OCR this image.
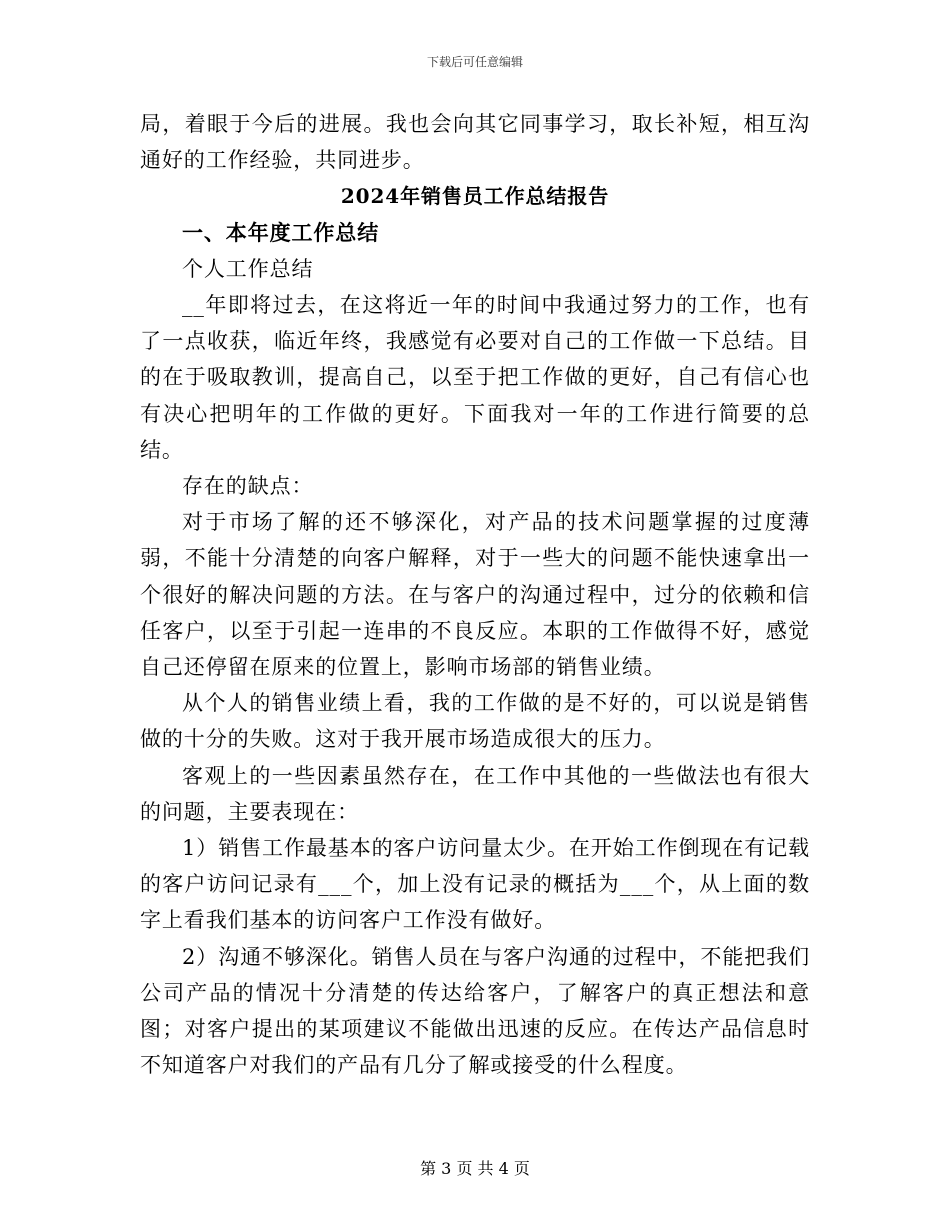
下载后可任意编辑

局，着眼于今后的进展。我也会向其它同事学习，取长补短，相互沟通好的工作经验，共同进步。

2024年销售员工作总结报告

一、本年度工作总结

个人工作总结

__年即将过去，在这将近一年的时间中我通过努力的工作，也有了一点收获，临近年终，我感觉有必要对自己的工作做一下总结。目的在于吸取教训，提高自己，以至于把工作做的更好，自己有信心也有决心把明年的工作做的更好。下面我对一年的工作进行简要的总结。

存在的缺点：

对于市场了解的还不够深化，对产品的技术问题掌握的过度薄弱，不能十分清楚的向客户解释，对于一些大的问题不能快速拿出一个很好的解决问题的方法。在与客户的沟通过程中，过分的依赖和信任客户，以至于引起一连串的不良反应。本职的工作做得不好，感觉自己还停留在原来的位置上，影响市场部的销售业绩。

从个人的销售业绩上看，我的工作做的是不好的，可以说是销售做的十分的失败。这对于我开展市场造成很大的压力。

客观上的一些因素虽然存在，在工作中其他的一些做法也有很大的问题，主要表现在：

1）销售工作最基本的客户访问量太少。在开始工作倒现在有记载的客户访问记录有___个，加上没有记录的概括为___个，从上面的数字上看我们基本的访问客户工作没有做好。

2）沟通不够深化。销售人员在与客户沟通的过程中，不能把我们公司产品的情况十分清楚的传达给客户，了解客户的真正想法和意图；对客户提出的某项建议不能做出迅速的反应。在传达产品信息时不知道客户对我们的产品有几分了解或接受的什么程度。

第 3 页 共 4 页
